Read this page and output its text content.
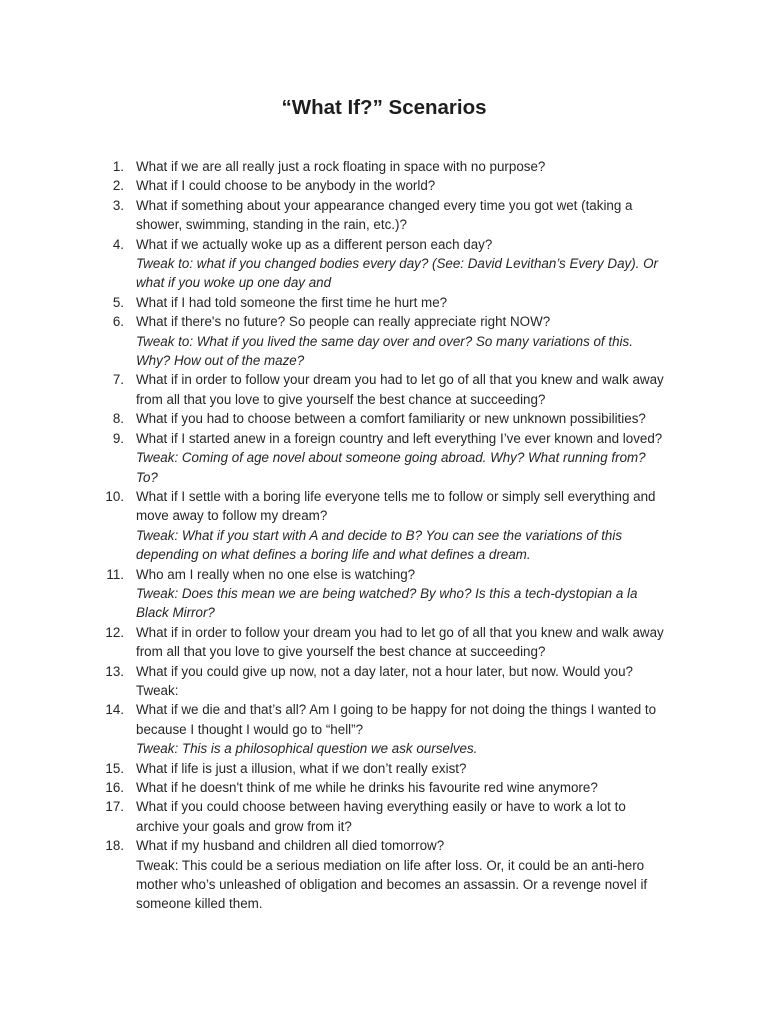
“What If?” Scenarios
1. What if we are all really just a rock floating in space with no purpose?
2. What if I could choose to be anybody in the world?
3. What if something about your appearance changed every time you got wet (taking a
shower, swimming, standing in the rain, etc.)?
4. What if we actually woke up as a different person each day?
Tweak to: what if you changed bodies every day? (See: David Levithan’s Every Day). Or
what if you woke up one day and
5. What if I had told someone the first time he hurt me?
6. What if there's no future? So people can really appreciate right NOW?
Tweak to: What if you lived the same day over and over? So many variations of this.
Why? How out of the maze?
7. What if in order to follow your dream you had to let go of all that you knew and walk away
from all that you love to give yourself the best chance at succeeding?
8. What if you had to choose between a comfort familiarity or new unknown possibilities?
9. What if I started anew in a foreign country and left everything I’ve ever known and loved?
Tweak: Coming of age novel about someone going abroad. Why? What running from?
To?
10. What if I settle with a boring life everyone tells me to follow or simply sell everything and
move away to follow my dream?
Tweak: What if you start with A and decide to B? You can see the variations of this
depending on what defines a boring life and what defines a dream.
11. Who am I really when no one else is watching?
Tweak: Does this mean we are being watched? By who? Is this a tech-dystopian a la
Black Mirror?
12. What if in order to follow your dream you had to let go of all that you knew and walk away
from all that you love to give yourself the best chance at succeeding?
13. What if you could give up now, not a day later, not a hour later, but now. Would you?
Tweak:
14. What if we die and that’s all? Am I going to be happy for not doing the things I wanted to
because I thought I would go to “hell”?
Tweak: This is a philosophical question we ask ourselves.
15. What if life is just a illusion, what if we don’t really exist?
16. What if he doesn't think of me while he drinks his favourite red wine anymore?
17. What if you could choose between having everything easily or have to work a lot to
archive your goals and grow from it?
18. What if my husband and children all died tomorrow?
Tweak: This could be a serious mediation on life after loss. Or, it could be an anti-hero
mother who’s unleashed of obligation and becomes an assassin. Or a revenge novel if
someone killed them.
